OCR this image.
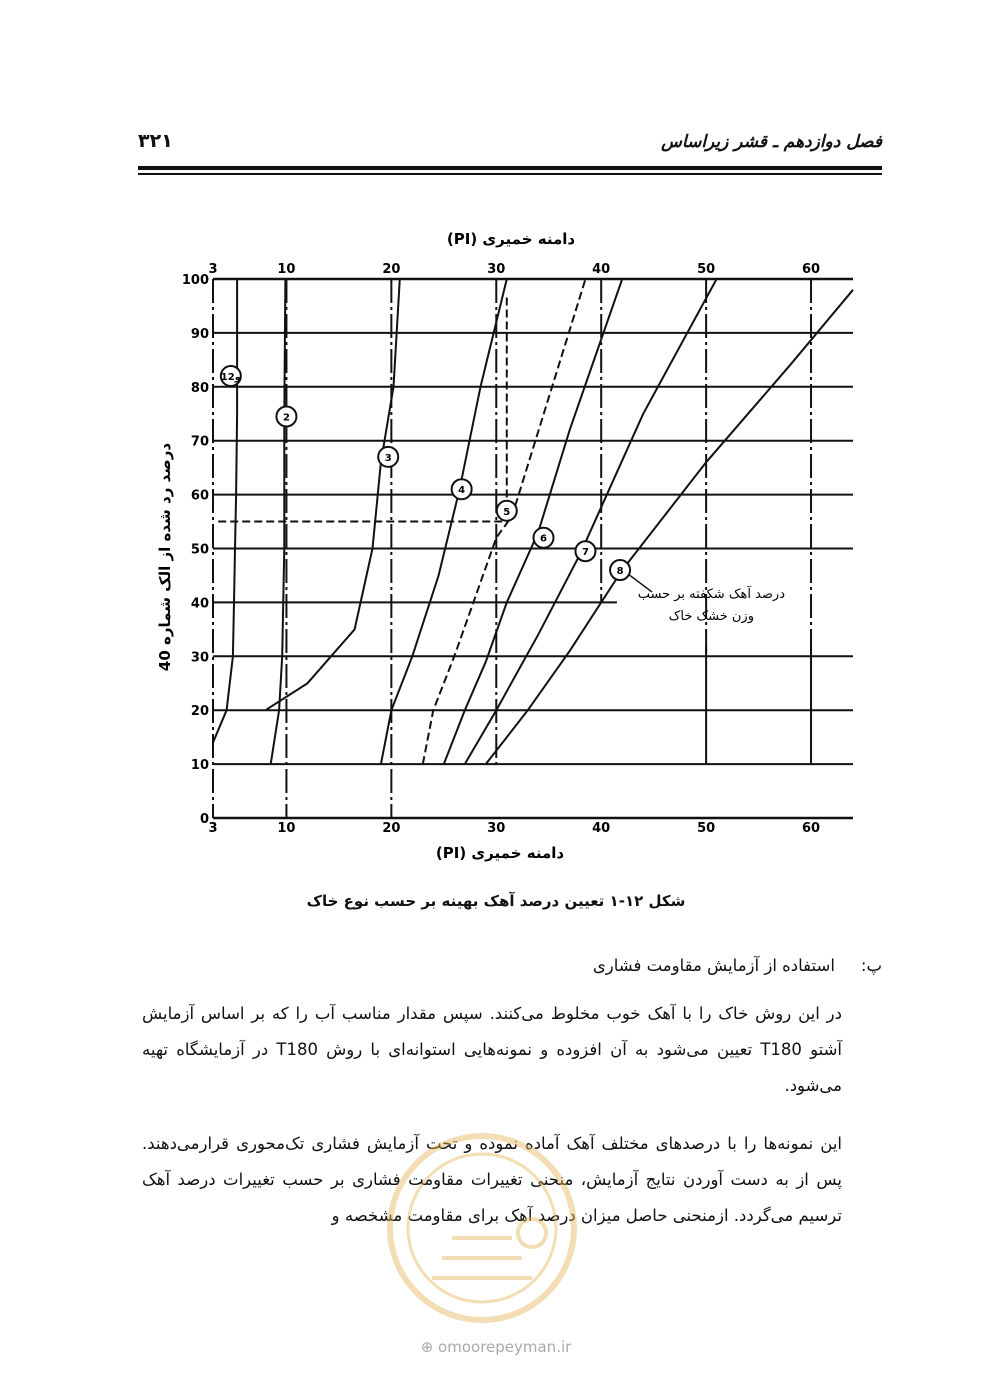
۳۲۱	فصل دوازدهم ـ قشر زیراساس
دامنه خمیری (PI)
1و2
2
3
4
5
6
7
8
0
10
20
30
40
50
60
70
80
90
100
3
3
10
10
20
20
30
30
40
40
50
50
60
60
دامنه خمیری (PI)
درصد رد شده از الک شماره 40	درصد آهک شکفته بر حسب
وزن خشک خاک
شکل ۱۲-۱ تعیین درصد آهک بهینه بر حسب نوع خاک
پ:استفاده از آزمایش مقاومت فشاری
در این روش خاک را با آهک خوب مخلوط می‌کنند. سپس مقدار مناسب آب را که بر اساس آزمایش آشتو T180 تعیین می‌شود به آن افزوده و نمونه‌هایی استوانه‌ای با روش T180 در آزمایشگاه تهیه می‌شود.
این نمونه‌ها را با درصدهای مختلف آهک آماده نموده و تحت آزمایش فشاری تک‌محوری قرارمی‌دهند. پس از به دست آوردن نتایج آزمایش، منحنی تغییرات مقاومت فشاری بر حسب تغییرات درصد آهک ترسیم می‌گردد. ازمنحنی حاصل میزان درصد آهک برای مقاومت مشخصه و
⊕ omoorepeyman.ir
